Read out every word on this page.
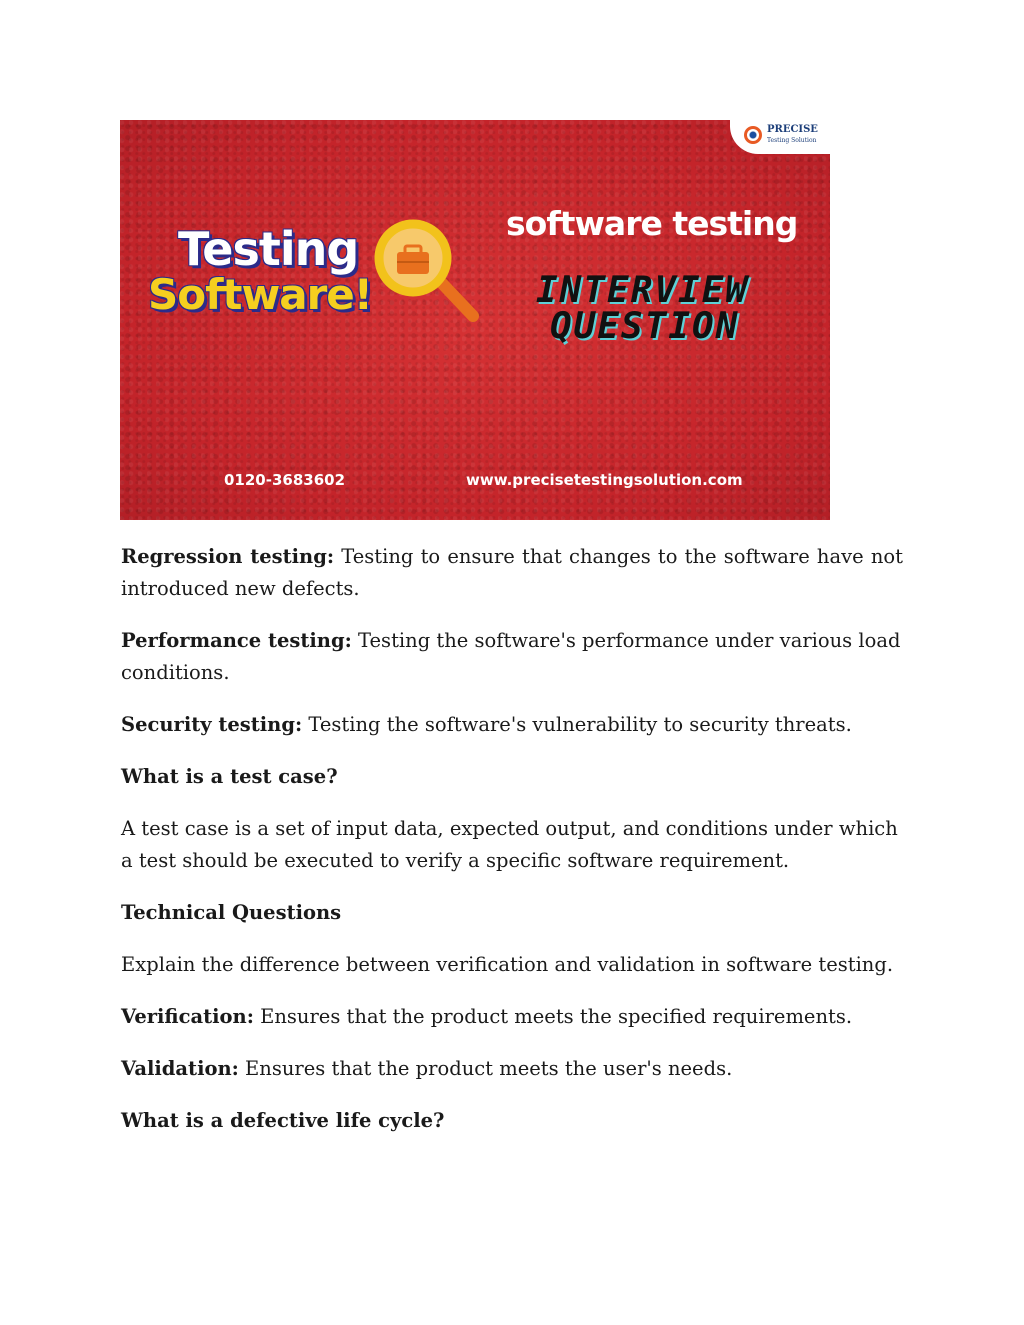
PRECISE
Testing Solution
Testing
Software!
software testing
INTERVIEW
QUESTION
0120-3683602	www.precisetestingsolution.com

Regression testing: Testing to ensure that changes to the software have not introduced new defects.

Performance testing: Testing the software's performance under various load conditions.

Security testing: Testing the software's vulnerability to security threats.

What is a test case?

A test case is a set of input data, expected output, and conditions under which a test should be executed to verify a specific software requirement.

Technical Questions

Explain the difference between verification and validation in software testing.

Verification: Ensures that the product meets the specified requirements.

Validation: Ensures that the product meets the user's needs.

What is a defective life cycle?
